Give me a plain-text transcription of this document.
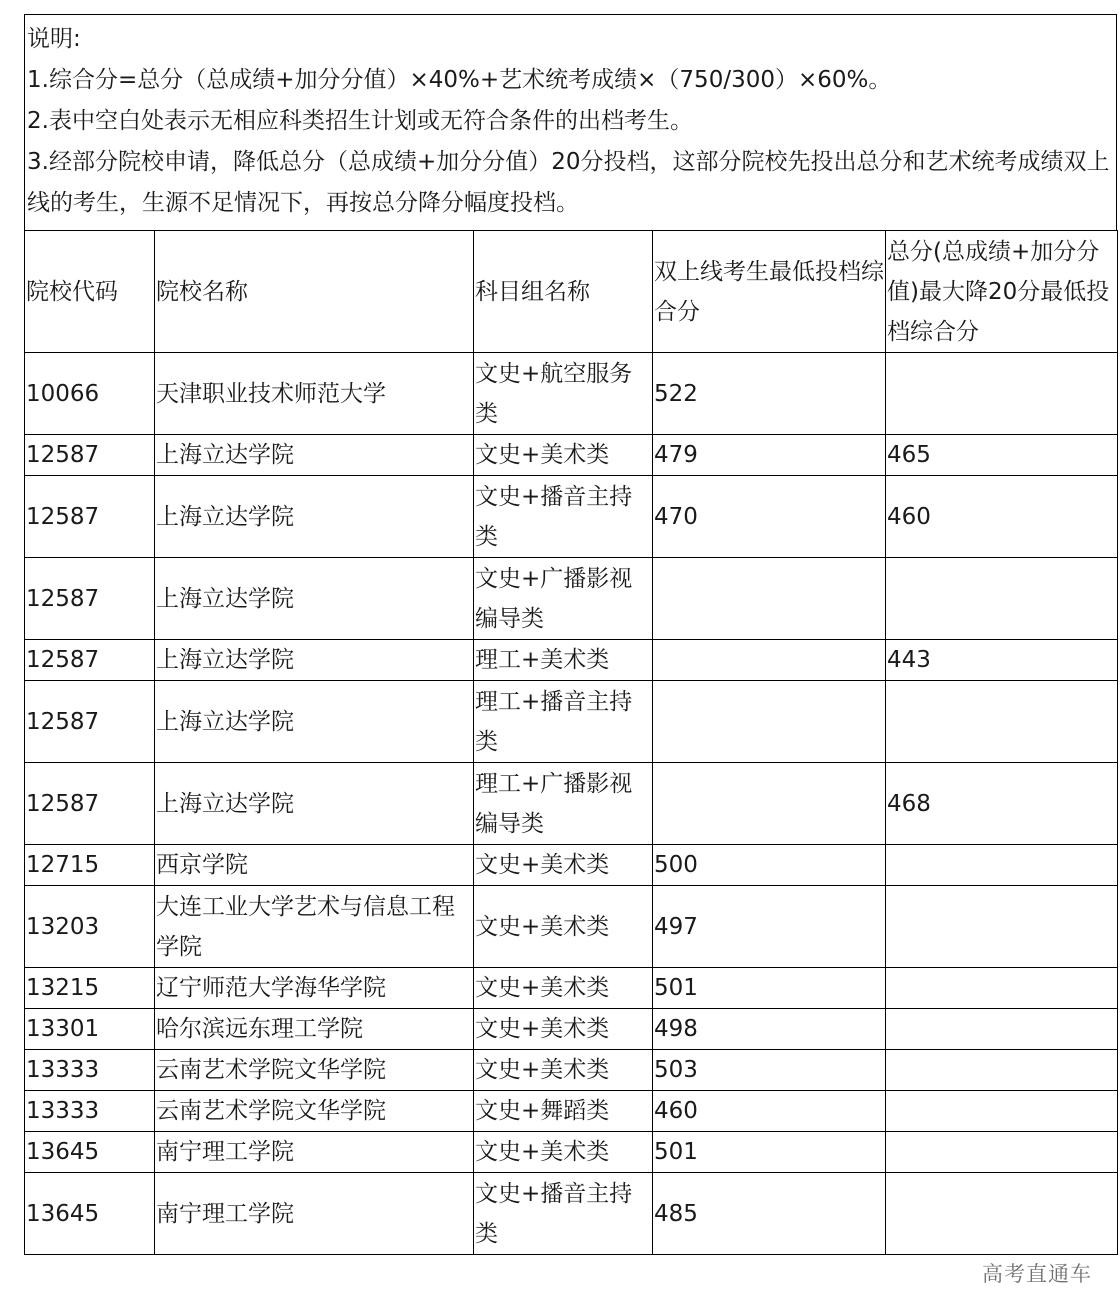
说明:
1.综合分=总分（总成绩+加分分值）×40%+艺术统考成绩×（750/300）×60%。
2.表中空白处表示无相应科类招生计划或无符合条件的出档考生。
3.经部分院校申请，降低总分（总成绩+加分分值）20分投档，这部分院校先投出总分和艺术统考成绩双上线的考生，生源不足情况下，再按总分降分幅度投档。
院校代码	院校名称	科目组名称	双上线考生最低投档综合分	总分(总成绩+加分分值)最大降20分最低投档综合分
10066	天津职业技术师范大学	文史+航空服务类	522	
12587	上海立达学院	文史+美术类	479	465
12587	上海立达学院	文史+播音主持类	470	460
12587	上海立达学院	文史+广播影视编导类		
12587	上海立达学院	理工+美术类		443
12587	上海立达学院	理工+播音主持类		
12587	上海立达学院	理工+广播影视编导类		468
12715	西京学院	文史+美术类	500	
13203	大连工业大学艺术与信息工程学院	文史+美术类	497	
13215	辽宁师范大学海华学院	文史+美术类	501	
13301	哈尔滨远东理工学院	文史+美术类	498	
13333	云南艺术学院文华学院	文史+美术类	503	
13333	云南艺术学院文华学院	文史+舞蹈类	460	
13645	南宁理工学院	文史+美术类	501	
13645	南宁理工学院	文史+播音主持类	485	
高考直通车
